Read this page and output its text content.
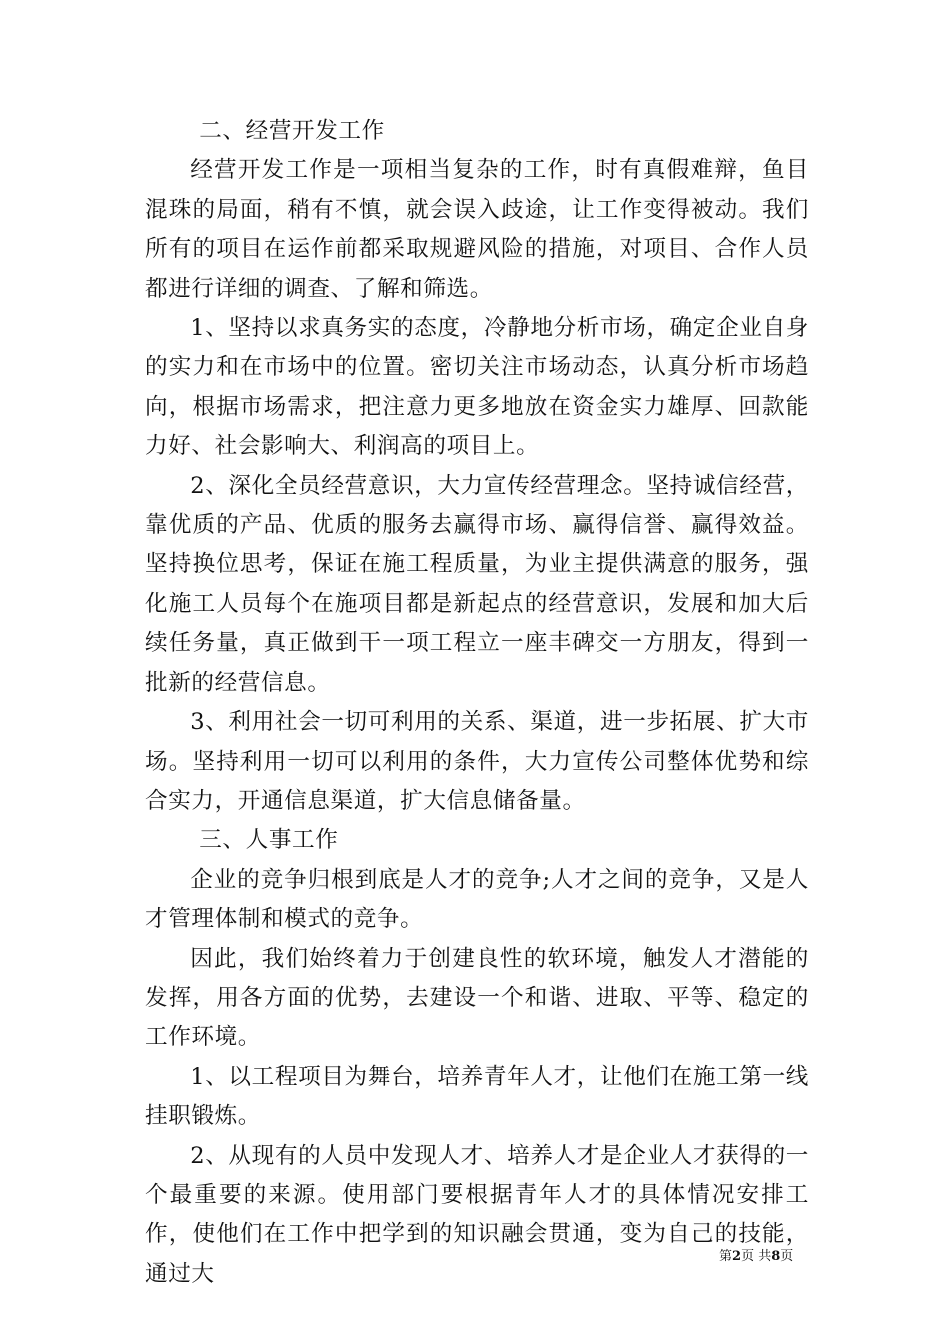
二、经营开发工作

经营开发工作是一项相当复杂的工作，时有真假难辩，鱼目混珠的局面，稍有不慎，就会误入歧途，让工作变得被动。我们所有的项目在运作前都采取规避风险的措施，对项目、合作人员都进行详细的调查、了解和筛选。

1、坚持以求真务实的态度，冷静地分析市场，确定企业自身的实力和在市场中的位置。密切关注市场动态，认真分析市场趋向，根据市场需求，把注意力更多地放在资金实力雄厚、回款能力好、社会影响大、利润高的项目上。

2、深化全员经营意识，大力宣传经营理念。坚持诚信经营，靠优质的产品、优质的服务去赢得市场、赢得信誉、赢得效益。坚持换位思考，保证在施工程质量，为业主提供满意的服务，强化施工人员每个在施项目都是新起点的经营意识，发展和加大后续任务量，真正做到干一项工程立一座丰碑交一方朋友，得到一批新的经营信息。

3、利用社会一切可利用的关系、渠道，进一步拓展、扩大市场。坚持利用一切可以利用的条件，大力宣传公司整体优势和综合实力，开通信息渠道，扩大信息储备量。

三、人事工作

企业的竞争归根到底是人才的竞争;人才之间的竞争，又是人才管理体制和模式的竞争。

因此，我们始终着力于创建良性的软环境，触发人才潜能的发挥，用各方面的优势，去建设一个和谐、进取、平等、稳定的工作环境。

1、以工程项目为舞台，培养青年人才，让他们在施工第一线挂职锻炼。

2、从现有的人员中发现人才、培养人才是企业人才获得的一个最重要的来源。使用部门要根据青年人才的具体情况安排工作，使他们在工作中把学到的知识融会贯通，变为自己的技能，通过大

第2页 共8页
